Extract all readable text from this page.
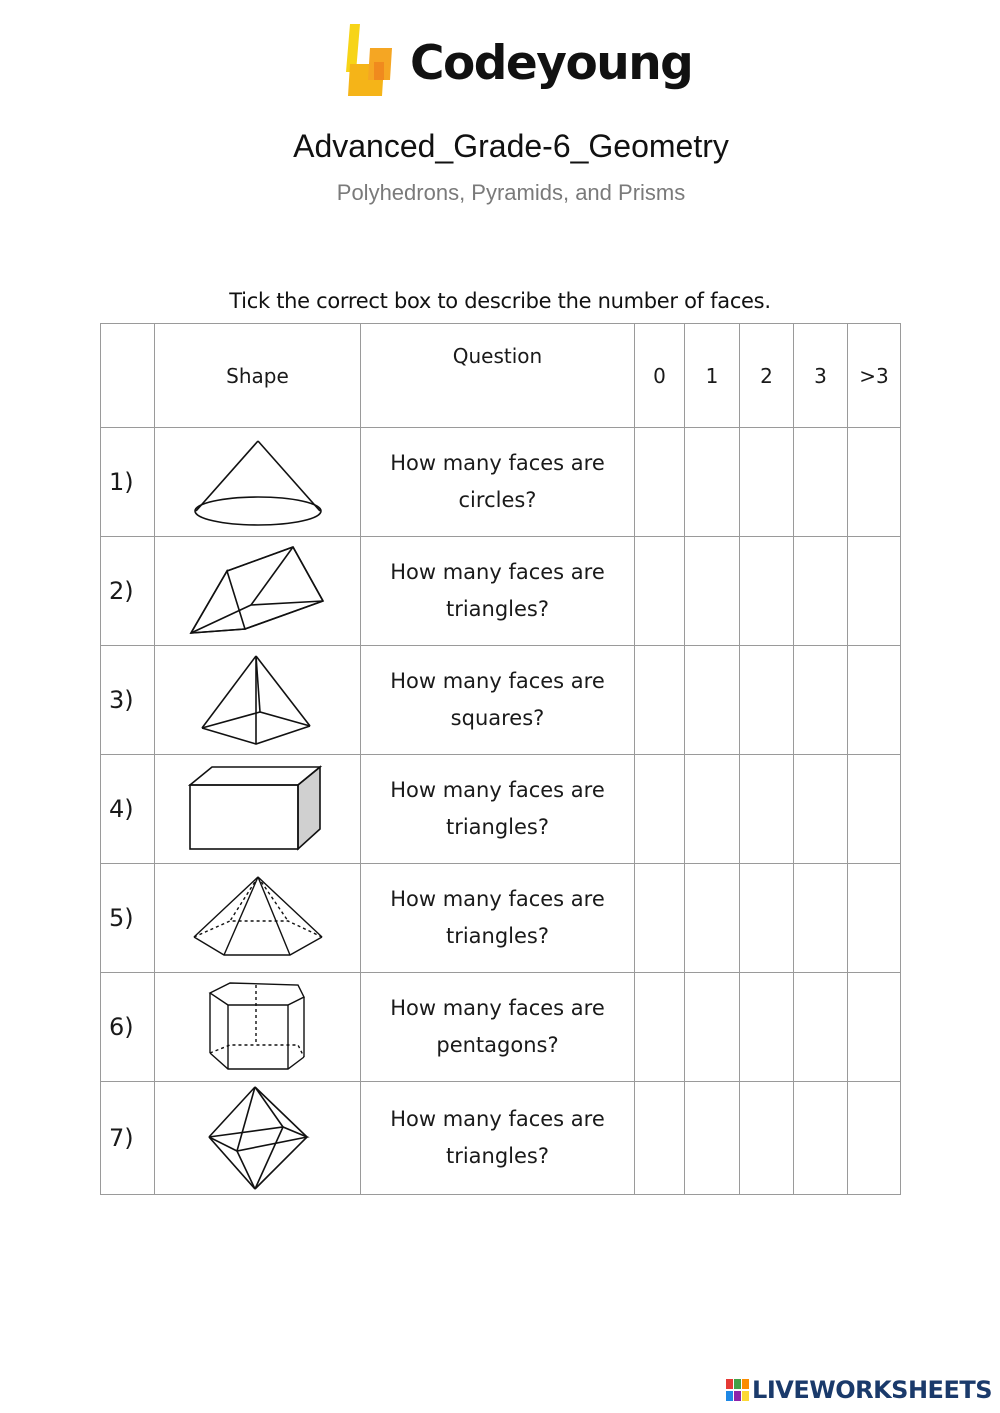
Codeyoung
Advanced_Grade-6_Geometry
Polyhedrons, Pyramids, and Prisms
Tick the correct box to describe the number of faces.
	Shape	Question	0	1	2	3	>3
1)		How many faces are
circles?					

2)		How many faces are
triangles?					

3)		How many faces are
squares?					

4)		How many faces are
triangles?					

5)		How many faces are
triangles?					

6)		How many faces are
pentagons?					

7)		How many faces are
triangles?					

LIVEWORKSHEETS
